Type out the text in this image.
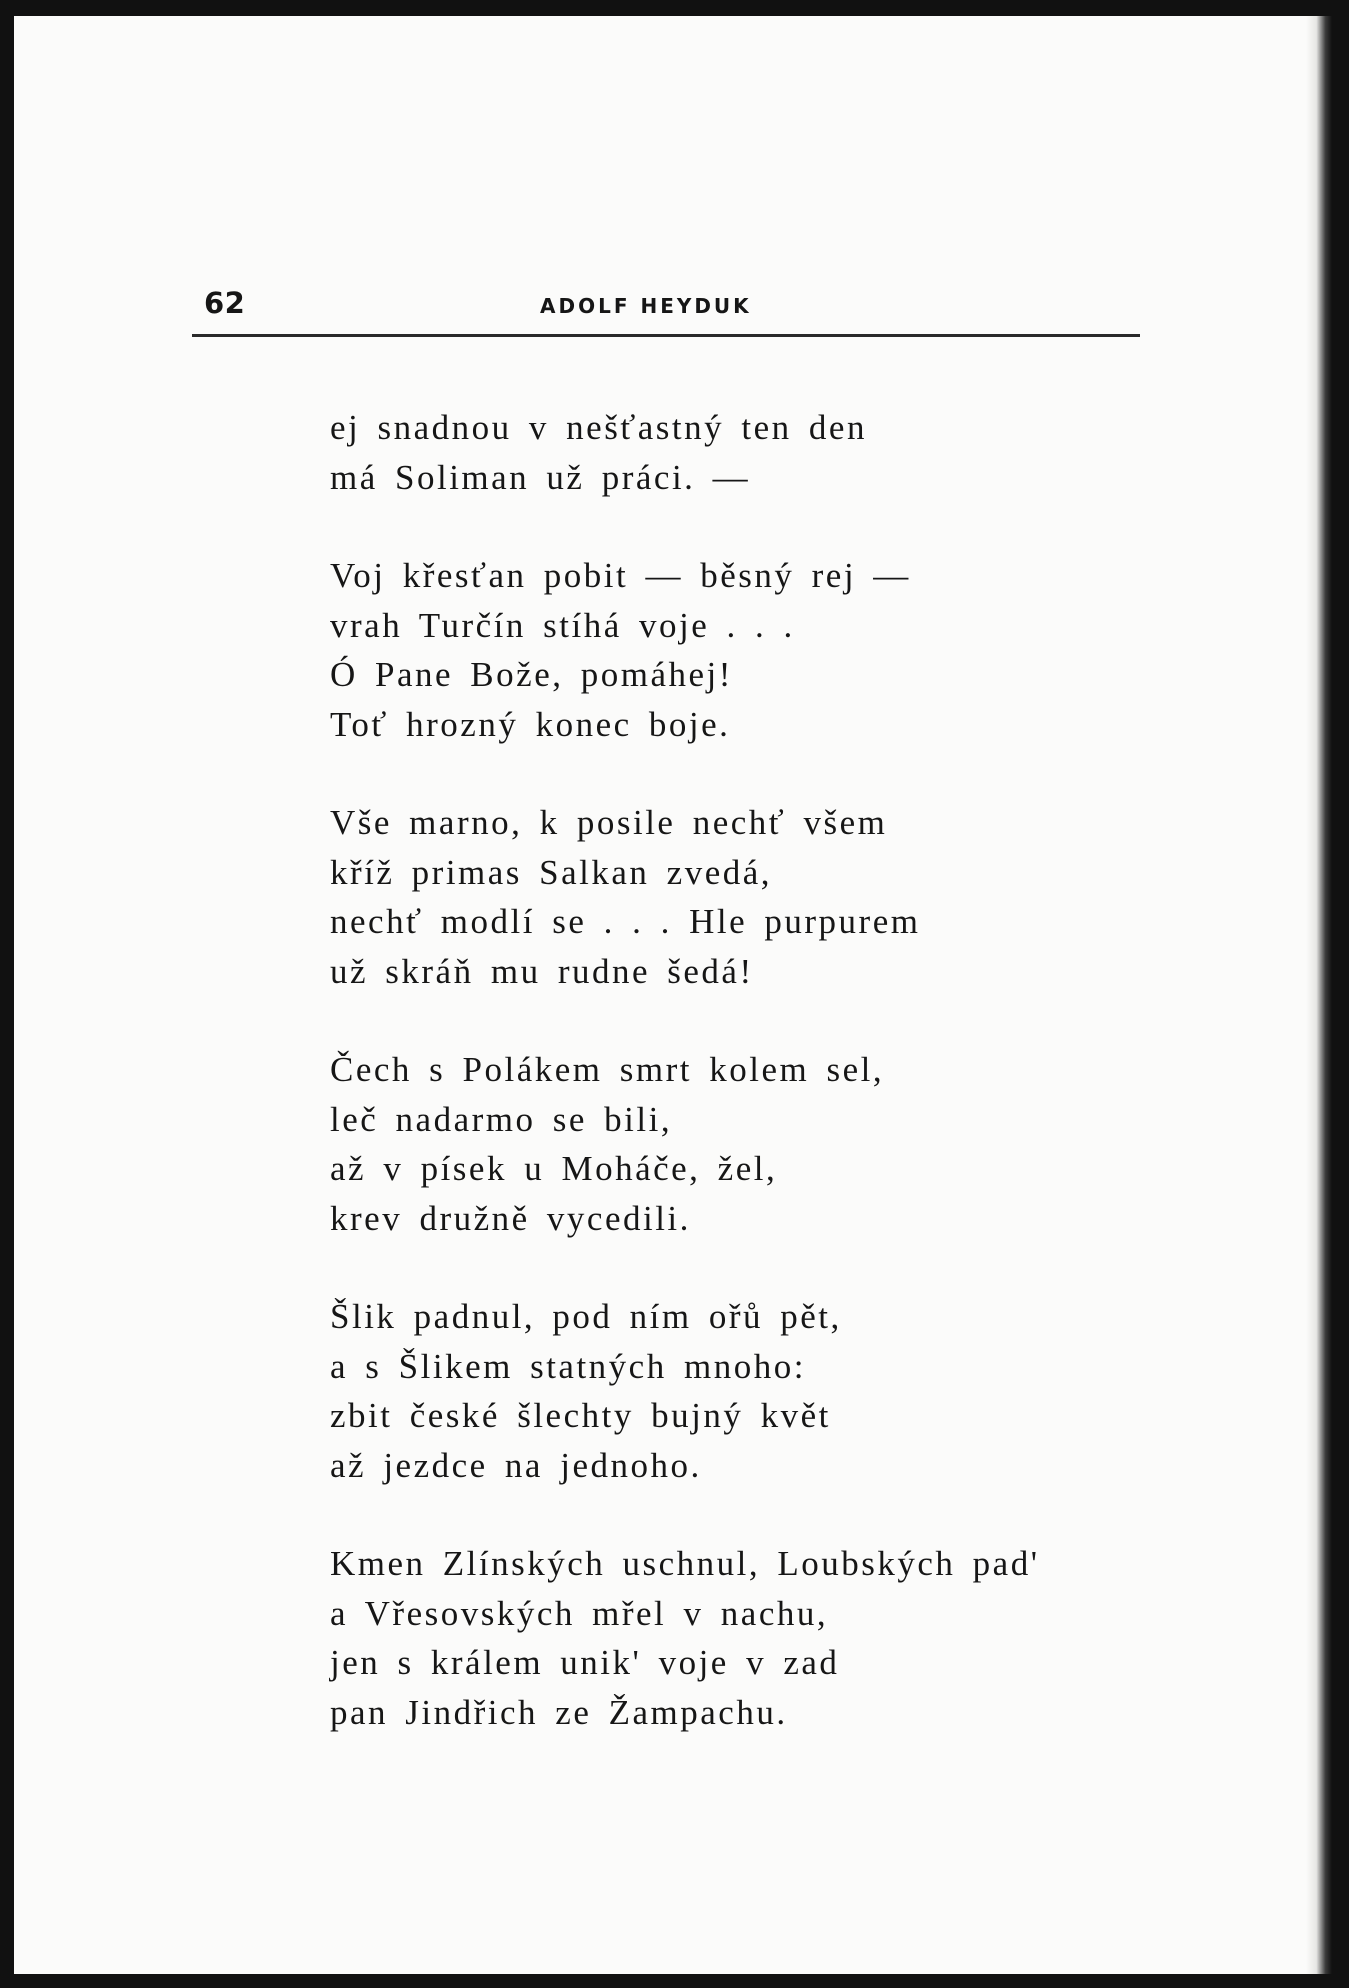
62	ADOLF HEYDUK
ej snadnou v nešťastný ten den
má Soliman už práci. —
Voj křesťan pobit — běsný rej —
vrah Turčín stíhá voje . . .
Ó Pane Bože, pomáhej!
Toť hrozný konec boje.
Vše marno, k posile nechť všem
kříž primas Salkan zvedá,
nechť modlí se . . . Hle purpurem
už skráň mu rudne šedá!
Čech s Polákem smrt kolem sel,
leč nadarmo se bili,
až v písek u Moháče, žel,
krev družně vycedili.
Šlik padnul, pod ním ořů pět,
a s Šlikem statných mnoho:
zbit české šlechty bujný květ
až jezdce na jednoho.
Kmen Zlínských uschnul, Loubských pad'
a Vřesovských mřel v nachu,
jen s králem unik' voje v zad
pan Jindřich ze Žampachu.
